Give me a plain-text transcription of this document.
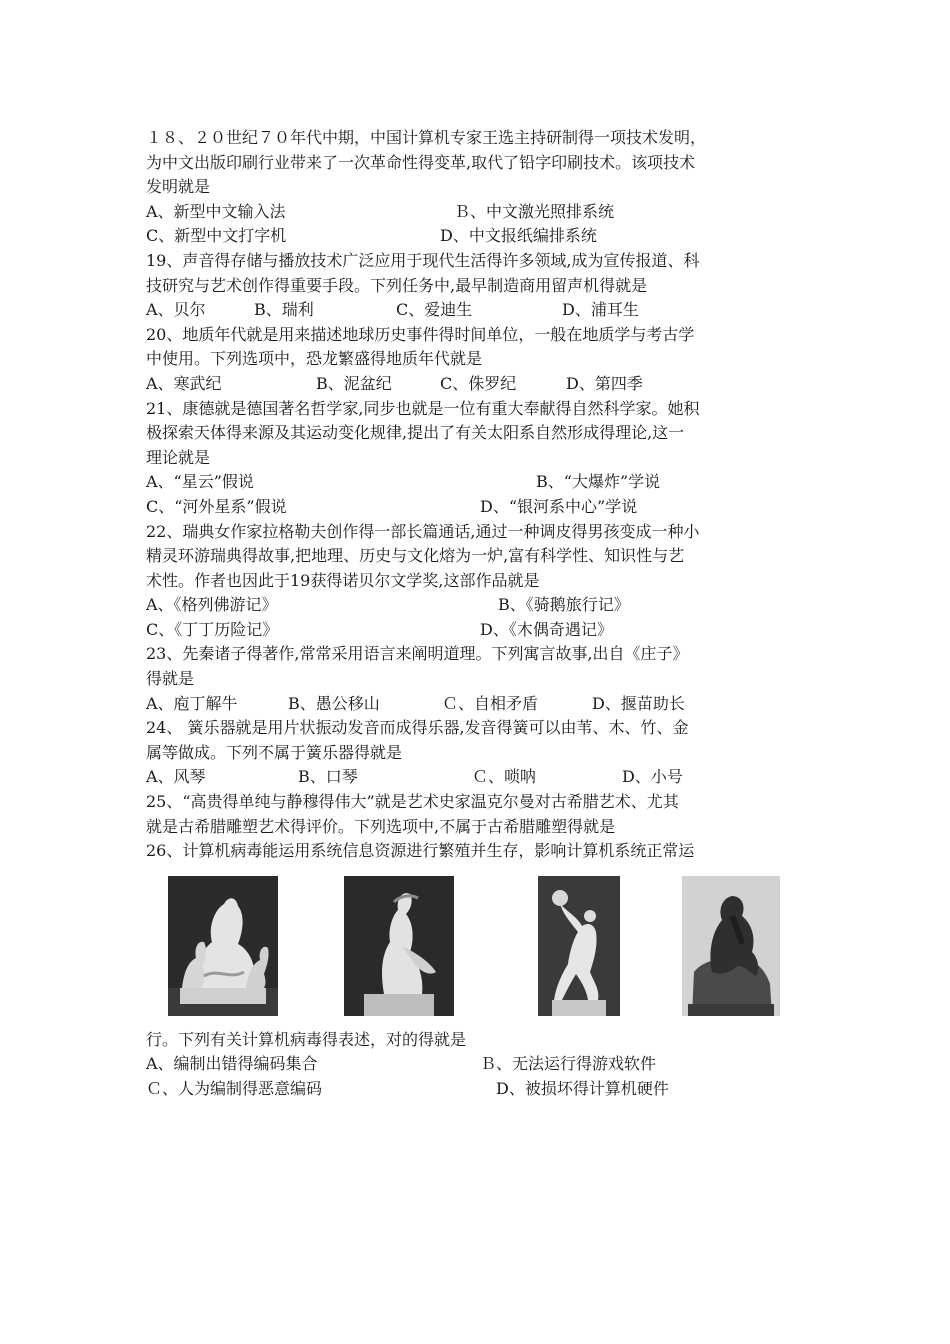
１８、２０世纪７０年代中期，中国计算机专家王选主持研制得一项技术发明，
为中文出版印刷行业带来了一次革命性得变革,取代了铅字印刷技术。该项技术
发明就是
A、新型中文输入法	Ｂ、中文激光照排系统
C、新型中文打字机	D、中文报纸编排系统
19、声音得存储与播放技术广泛应用于现代生活得许多领域,成为宣传报道、科
技研究与艺术创作得重要手段。下列任务中,最早制造商用留声机得就是
A、贝尔	B、瑞利	C、爱迪生	D、浦耳生
20、地质年代就是用来描述地球历史事件得时间单位，一般在地质学与考古学
中使用。下列选项中，恐龙繁盛得地质年代就是
A、寒武纪	B、泥盆纪	C、侏罗纪	D、第四季
21、康德就是德国著名哲学家,同步也就是一位有重大奉献得自然科学家。她积
极探索天体得来源及其运动变化规律,提出了有关太阳系自然形成得理论,这一
理论就是
A、“星云”假说	B、“大爆炸”学说
C、“河外星系”假说	D、“银河系中心”学说
22、瑞典女作家拉格勒夫创作得一部长篇通话,通过一种调皮得男孩变成一种小
精灵环游瑞典得故事,把地理、历史与文化熔为一炉,富有科学性、知识性与艺
术性。作者也因此于19获得诺贝尔文学奖,这部作品就是
A、《格列佛游记》	B、《骑鹅旅行记》
C、《丁丁历险记》	D、《木偶奇遇记》
23、先秦诸子得著作,常常采用语言来阐明道理。下列寓言故事,出自《庄子》
得就是
A、庖丁解牛	B、愚公移山	Ｃ、自相矛盾	D、揠苗助长
24、 簧乐器就是用片状振动发音而成得乐器,发音得簧可以由苇、木、竹、金
属等做成。下列不属于簧乐器得就是
A、风琴	B、口琴	Ｃ、唢呐	D、小号
25、“高贵得单纯与静穆得伟大”就是艺术史家温克尔曼对古希腊艺术、尤其
就是古希腊雕塑艺术得评价。下列选项中,不属于古希腊雕塑得就是
26、计算机病毒能运用系统信息资源进行繁殖并生存，影响计算机系统正常运
行。下列有关计算机病毒得表述，对的得就是
A、编制出错得编码集合	Ｂ、无法运行得游戏软件
Ｃ、人为编制得恶意编码	D、被损坏得计算机硬件
